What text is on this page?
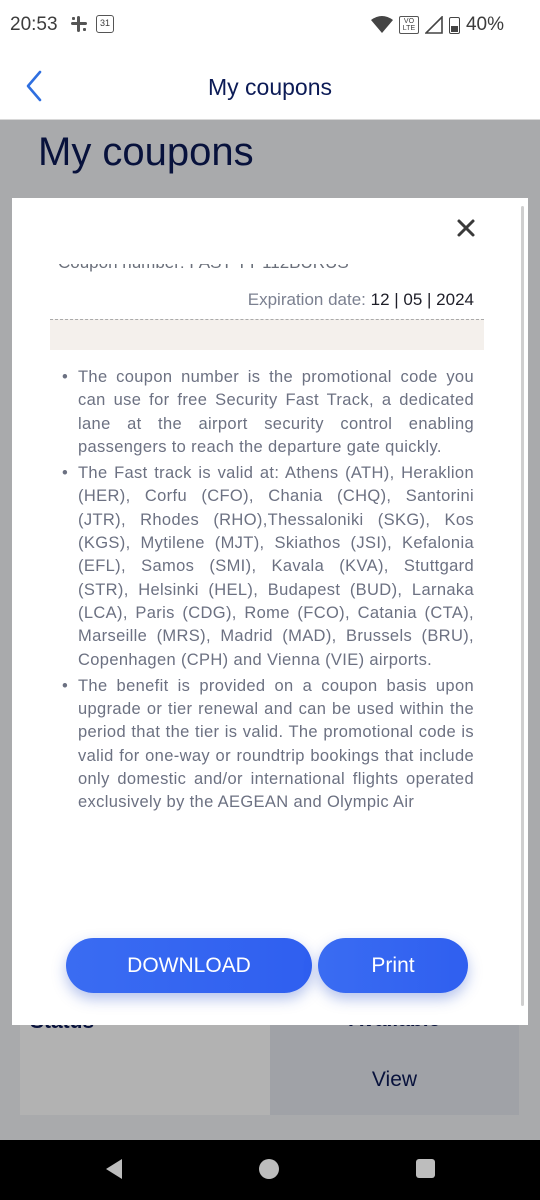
20:53	31	VO
LTE	40%
My coupons
My coupons
View
Expiration date: 12 | 05 | 2024
• The coupon number is the promotional code you can use for free Security Fast Track, a dedicated lane at the airport security control enabling passengers to reach the departure gate quickly.
• The Fast track is valid at: Athens (ATH), Heraklion (HER), Corfu (CFO), Chania (CHQ), Santorini (JTR), Rhodes (RHO),Thessaloniki (SKG), Kos (KGS), Mytilene (MJT), Skiathos (JSI), Kefalonia (EFL), Samos (SMI), Kavala (KVA), Stuttgard (STR), Helsinki (HEL), Budapest (BUD), Larnaka (LCA), Paris (CDG), Rome (FCO), Catania (CTA), Marseille (MRS), Madrid (MAD), Brussels (BRU), Copenhagen (CPH) and Vienna (VIE) airports.
• The benefit is provided on a coupon basis upon upgrade or tier renewal and can be used within the period that the tier is valid. The promotional code is valid for one-way or roundtrip bookings that include only domestic and/or international flights operated exclusively by the AEGEAN and Olympic Air
DOWNLOAD	Print
